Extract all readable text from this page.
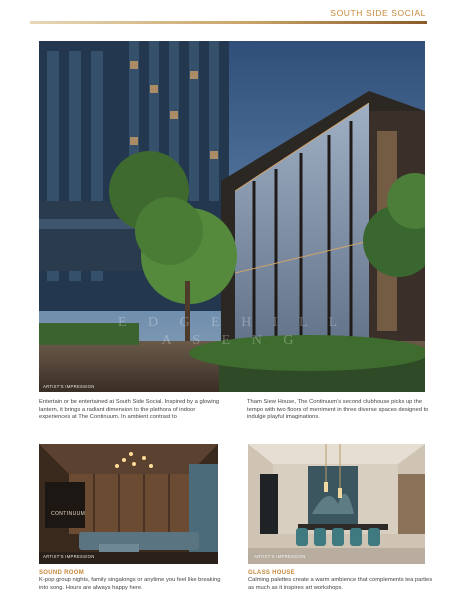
SOUTH SIDE SOCIAL
E D G E H I L L
A S E N G
ARTIST'S IMPRESSION
Entertain or be entertained at South Side Social. Inspired by a glowing lantern, it brings a radiant dimension to the plethora of indoor experiences at The Continuum. In ambient contrast to
Tham Siew House, The Continuum’s second clubhouse picks up the tempo with two floors of merriment in three diverse spaces designed to indulge playful imaginations.
CONTINUUM
ARTIST'S IMPRESSION
SOUND ROOM
K-pop group nights, family singalongs or anytime you feel like breaking into song. Hours are always happy here.
ARTIST'S IMPRESSION
GLASS HOUSE
Calming palettes create a warm ambience that complements tea parties as much as it inspires art workshops.
